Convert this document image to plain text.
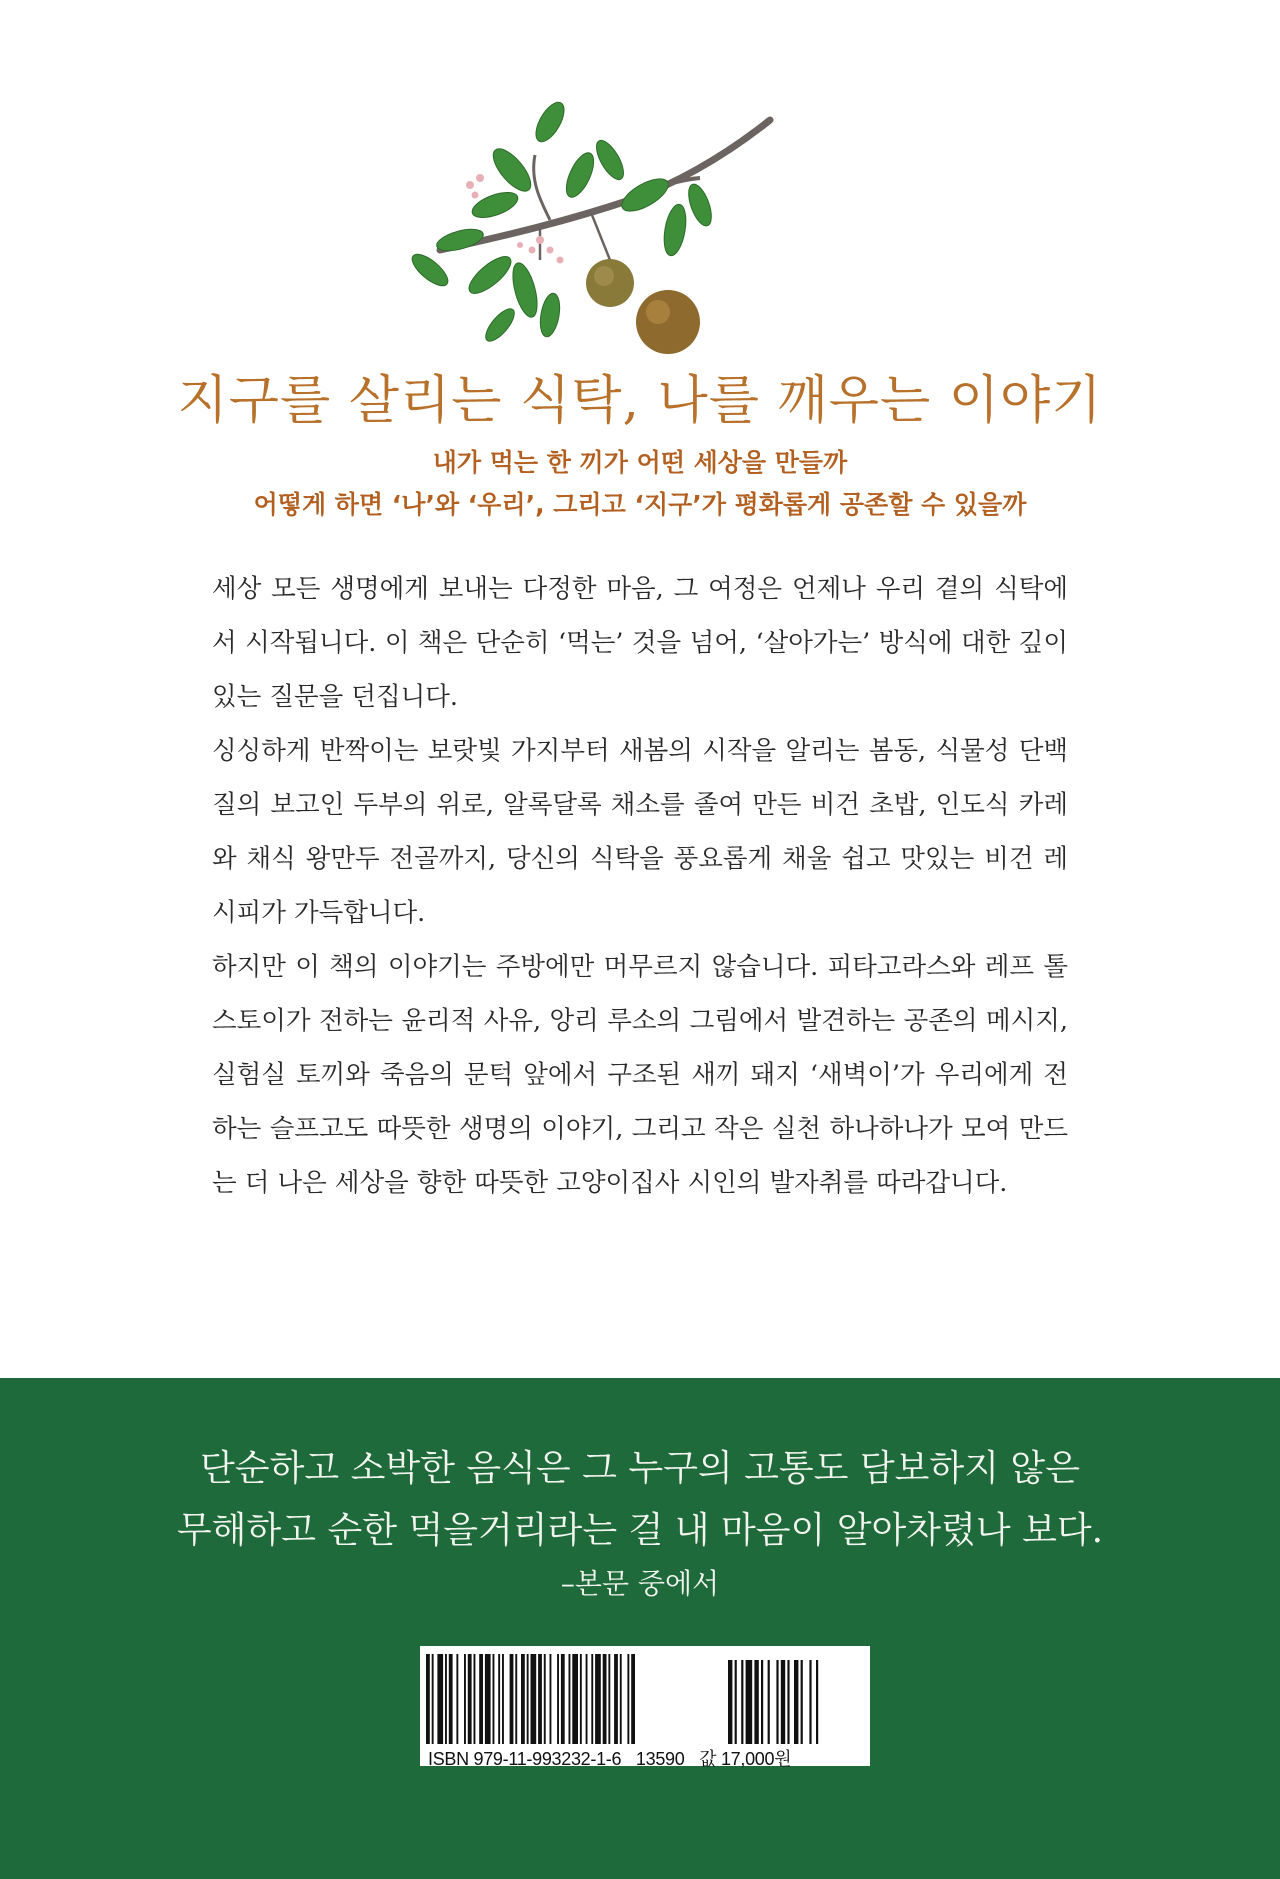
지구를 살리는 식탁, 나를 깨우는 이야기
내가 먹는 한 끼가 어떤 세상을 만들까
어떻게 하면 ‘나’와 ‘우리’, 그리고 ‘지구’가 평화롭게 공존할 수 있을까

세상 모든 생명에게 보내는 다정한 마음, 그 여정은 언제나 우리 곁의 식탁에서 시작됩니다. 이 책은 단순히 ‘먹는’ 것을 넘어, ‘살아가는’ 방식에 대한 깊이 있는 질문을 던집니다.

싱싱하게 반짝이는 보랏빛 가지부터 새봄의 시작을 알리는 봄동, 식물성 단백질의 보고인 두부의 위로, 알록달록 채소를 졸여 만든 비건 초밥, 인도식 카레와 채식 왕만두 전골까지, 당신의 식탁을 풍요롭게 채울 쉽고 맛있는 비건 레시피가 가득합니다.

하지만 이 책의 이야기는 주방에만 머무르지 않습니다. 피타고라스와 레프 톨스토이가 전하는 윤리적 사유, 앙리 루소의 그림에서 발견하는 공존의 메시지, 실험실 토끼와 죽음의 문턱 앞에서 구조된 새끼 돼지 ‘새벽이’가 우리에게 전하는 슬프고도 따뜻한 생명의 이야기, 그리고 작은 실천 하나하나가 모여 만드는 더 나은 세상을 향한 따뜻한 고양이집사 시인의 발자취를 따라갑니다.

단순하고 소박한 음식은 그 누구의 고통도 담보하지 않은
무해하고 순한 먹을거리라는 걸 내 마음이 알아차렸나 보다.
–본문 중에서
ISBN 979-11-993232-1-6 13590 값 17,000원
